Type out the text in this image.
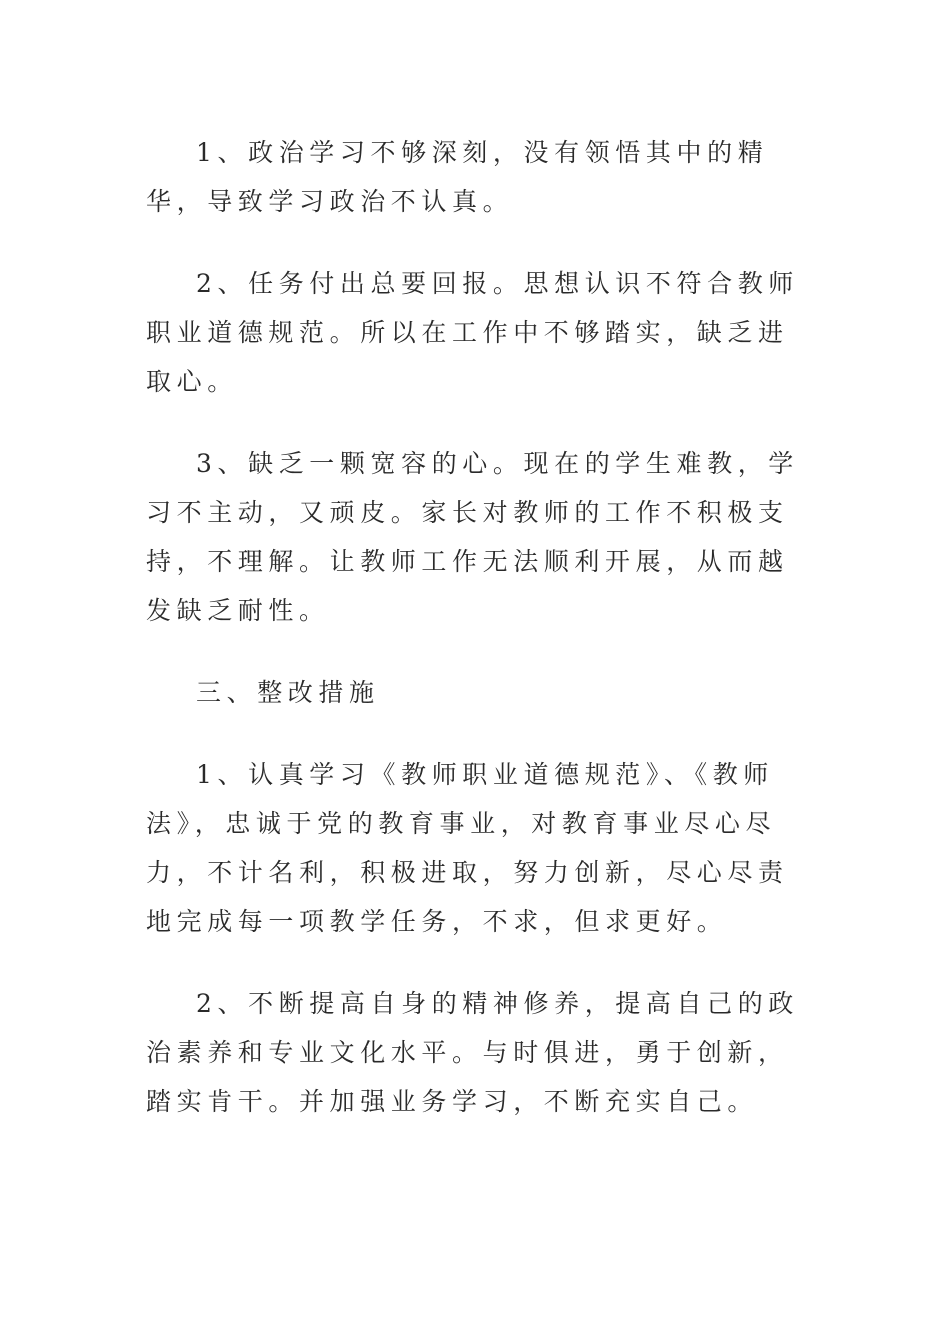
1、政治学习不够深刻，没有领悟其中的精华，导致学习政治不认真。

2、任务付出总要回报。思想认识不符合教师职业道德规范。所以在工作中不够踏实，缺乏进取心。

3、缺乏一颗宽容的心。现在的学生难教，学习不主动，又顽皮。家长对教师的工作不积极支持，不理解。让教师工作无法顺利开展，从而越发缺乏耐性。

三、整改措施

1、认真学习《教师职业道德规范》、《教师法》，忠诚于党的教育事业，对教育事业尽心尽力，不计名利，积极进取，努力创新，尽心尽责地完成每一项教学任务，不求，但求更好。

2、不断提高自身的精神修养，提高自己的政治素养和专业文化水平。与时俱进，勇于创新，踏实肯干。并加强业务学习，不断充实自己。
